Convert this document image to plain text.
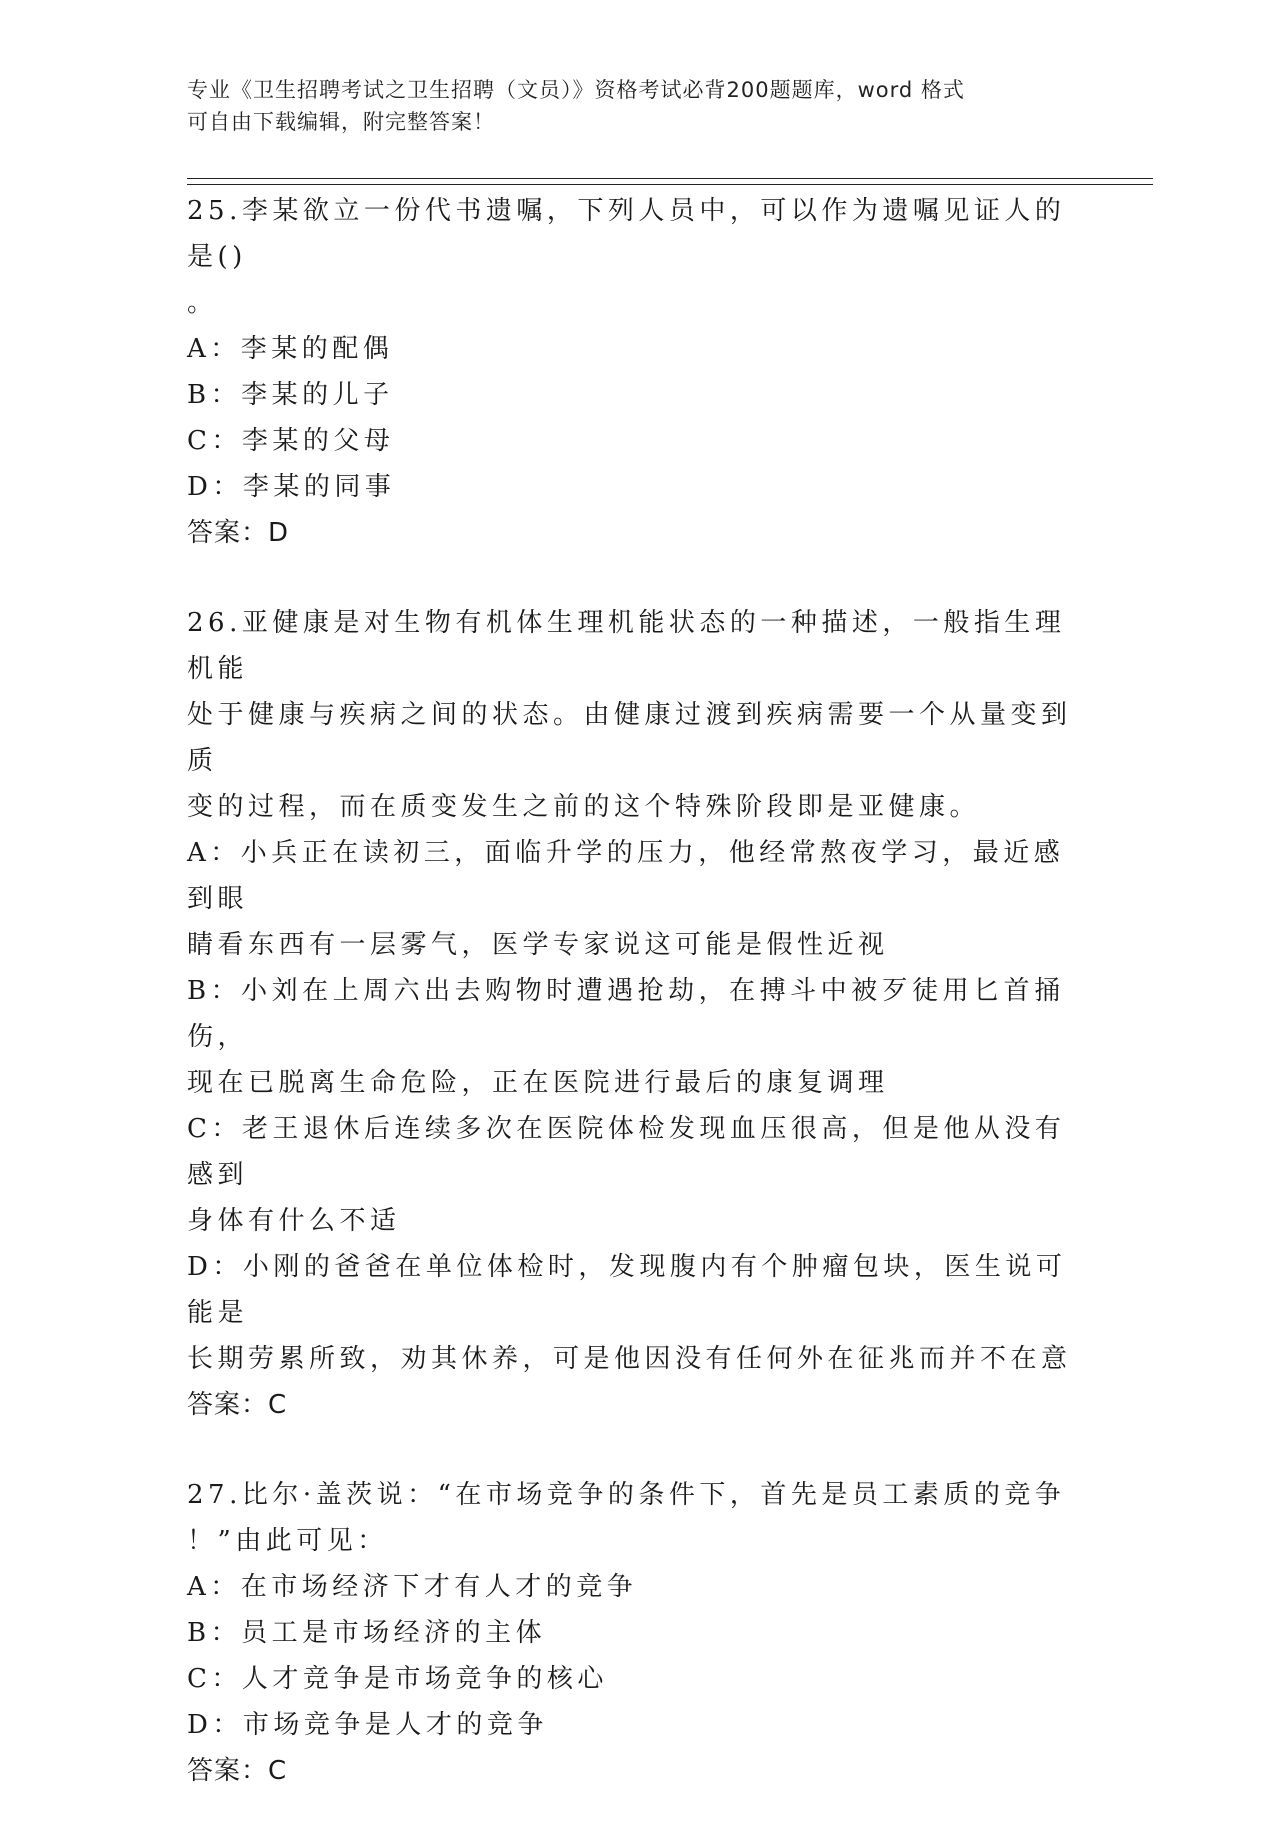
专业《卫生招聘考试之卫生招聘（文员）》资格考试必背200题题库，word 格式
可自由下载编辑，附完整答案！
25.李某欲立一份代书遗嘱，下列人员中，可以作为遗嘱见证人的是()
。
A：李某的配偶
B：李某的儿子
C：李某的父母
D：李某的同事
答案：D
26.亚健康是对生物有机体生理机能状态的一种描述，一般指生理机能
处于健康与疾病之间的状态。由健康过渡到疾病需要一个从量变到质
变的过程，而在质变发生之前的这个特殊阶段即是亚健康。
A：小兵正在读初三，面临升学的压力，他经常熬夜学习，最近感到眼
睛看东西有一层雾气，医学专家说这可能是假性近视
B：小刘在上周六出去购物时遭遇抢劫，在搏斗中被歹徒用匕首捅伤，
现在已脱离生命危险，正在医院进行最后的康复调理
C：老王退休后连续多次在医院体检发现血压很高，但是他从没有感到
身体有什么不适
D：小刚的爸爸在单位体检时，发现腹内有个肿瘤包块，医生说可能是
长期劳累所致，劝其休养，可是他因没有任何外在征兆而并不在意
答案：C
27.比尔·盖茨说：“在市场竞争的条件下，首先是员工素质的竞争
！”由此可见：
A：在市场经济下才有人才的竞争
B：员工是市场经济的主体
C：人才竞争是市场竞争的核心
D：市场竞争是人才的竞争
答案：C
